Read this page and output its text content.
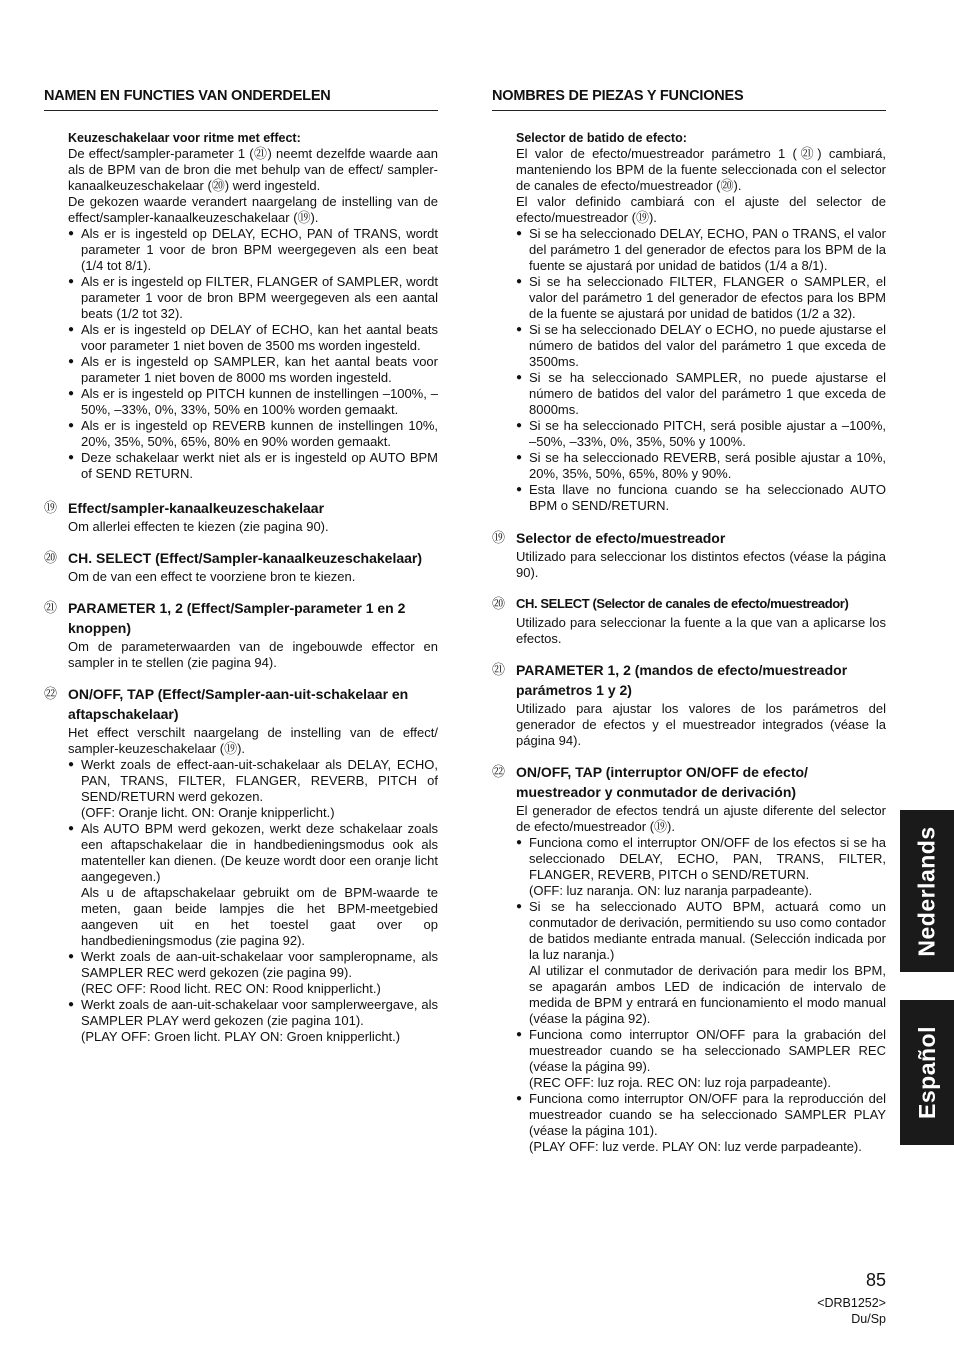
NAMEN EN FUNCTIES VAN ONDERDELEN
Keuzeschakelaar voor ritme met effect:

De effect/sampler-parameter 1 (㉑) neemt dezelfde waarde aan als de BPM van de bron die met behulp van de effect/ sampler-kanaalkeuzeschakelaar (⑳) werd ingesteld.

De gekozen waarde verandert naargelang de instelling van de effect/sampler-kanaalkeuzeschakelaar (⑲).

● Als er is ingesteld op DELAY, ECHO, PAN of TRANS, wordt parameter 1 voor de bron BPM weergegeven als een beat (1/4 tot 8/1).
● Als er is ingesteld op FILTER, FLANGER of SAMPLER, wordt parameter 1 voor de bron BPM weergegeven als een aantal beats (1/2 tot 32).
● Als er is ingesteld op DELAY of ECHO, kan het aantal beats voor parameter 1 niet boven de 3500 ms worden ingesteld.
● Als er is ingesteld op SAMPLER, kan het aantal beats voor parameter 1 niet boven de 8000 ms worden ingesteld.
● Als er is ingesteld op PITCH kunnen de instellingen –100%, –50%, –33%, 0%, 33%, 50% en 100% worden gemaakt.
● Als er is ingesteld op REVERB kunnen de instellingen 10%, 20%, 35%, 50%, 65%, 80% en 90% worden gemaakt.
● Deze schakelaar werkt niet als er is ingesteld op AUTO BPM of SEND RETURN.
⑲ Effect/sampler-kanaalkeuzeschakelaar

Om allerlei effecten te kiezen (zie pagina 90).

⑳ CH. SELECT (Effect/Sampler-kanaalkeuzeschakelaar)

Om de van een effect te voorziene bron te kiezen.

㉑ PARAMETER 1, 2 (Effect/Sampler-parameter 1 en 2 knoppen)

Om de parameterwaarden van de ingebouwde effector en sampler in te stellen (zie pagina 94).

㉒ ON/OFF, TAP (Effect/Sampler-aan-uit-schakelaar en aftapschakelaar)

Het effect verschilt naargelang de instelling van de effect/ sampler-keuzeschakelaar (⑲).

● Werkt zoals de effect-aan-uit-schakelaar als DELAY, ECHO, PAN, TRANS, FILTER, FLANGER, REVERB, PITCH of SEND/RETURN werd gekozen.
(OFF: Oranje licht. ON: Oranje knipperlicht.)
● Als AUTO BPM werd gekozen, werkt deze schakelaar zoals een aftapschakelaar die in handbedieningsmodus ook als matenteller kan dienen. (De keuze wordt door een oranje licht aangegeven.)
Als u de aftapschakelaar gebruikt om de BPM-waarde te meten, gaan beide lampjes die het BPM-meetgebied aangeven uit en het toestel gaat over op handbedieningsmodus (zie pagina 92).
● Werkt zoals de aan-uit-schakelaar voor sampleropname, als SAMPLER REC werd gekozen (zie pagina 99).
(REC OFF: Rood licht. REC ON: Rood knipperlicht.)
● Werkt zoals de aan-uit-schakelaar voor samplerweergave, als SAMPLER PLAY werd gekozen (zie pagina 101).
(PLAY OFF: Groen licht. PLAY ON: Groen knipperlicht.)
NOMBRES DE PIEZAS Y FUNCIONES
Selector de batido de efecto:

El valor de efecto/muestreador parámetro 1 (㉑) cambiará, manteniendo los BPM de la fuente seleccionada con el selector de canales de efecto/muestreador (⑳).

El valor definido cambiará con el ajuste del selector de efecto/muestreador (⑲).

● Si se ha seleccionado DELAY, ECHO, PAN o TRANS, el valor del parámetro 1 del generador de efectos para los BPM de la fuente se ajustará por unidad de batidos (1/4 a 8/1).
● Si se ha seleccionado FILTER, FLANGER o SAMPLER, el valor del parámetro 1 del generador de efectos para los BPM de la fuente se ajustará por unidad de batidos (1/2 a 32).
● Si se ha seleccionado DELAY o ECHO, no puede ajustarse el número de batidos del valor del parámetro 1 que exceda de 3500ms.
● Si se ha seleccionado SAMPLER, no puede ajustarse el número de batidos del valor del parámetro 1 que exceda de 8000ms.
● Si se ha seleccionado PITCH, será posible ajustar a –100%, –50%, –33%, 0%, 35%, 50% y 100%.
● Si se ha seleccionado REVERB, será posible ajustar a 10%, 20%, 35%, 50%, 65%, 80% y 90%.
● Esta llave no funciona cuando se ha seleccionado AUTO BPM o SEND/RETURN.
⑲ Selector de efecto/muestreador

Utilizado para seleccionar los distintos efectos (véase la página 90).

⑳ CH. SELECT (Selector de canales de efecto/muestreador)

Utilizado para seleccionar la fuente a la que van a aplicarse los efectos.

㉑ PARAMETER 1, 2 (mandos de efecto/muestreador parámetros 1 y 2)

Utilizado para ajustar los valores de los parámetros del generador de efectos y el muestreador integrados (véase la página 94).

㉒ ON/OFF, TAP (interruptor ON/OFF de efecto/ muestreador y conmutador de derivación)

El generador de efectos tendrá un ajuste diferente del selector de efecto/muestreador (⑲).

● Funciona como el interruptor ON/OFF de los efectos si se ha seleccionado DELAY, ECHO, PAN, TRANS, FILTER, FLANGER, REVERB, PITCH o SEND/RETURN.
(OFF: luz naranja. ON: luz naranja parpadeante).
● Si se ha seleccionado AUTO BPM, actuará como un conmutador de derivación, permitiendo su uso como contador de batidos mediante entrada manual. (Selección indicada por la luz naranja.)
Al utilizar el conmutador de derivación para medir los BPM, se apagarán ambos LED de indicación de intervalo de medida de BPM y entrará en funcionamiento el modo manual (véase la página 92).
● Funciona como interruptor ON/OFF para la grabación del muestreador cuando se ha seleccionado SAMPLER REC (véase la página 99).
(REC OFF: luz roja. REC ON: luz roja parpadeante).
● Funciona como interruptor ON/OFF para la reproducción del muestreador cuando se ha seleccionado SAMPLER PLAY (véase la página 101).
(PLAY OFF: luz verde. PLAY ON: luz verde parpadeante).
Nederlands
Español
85
<DRB1252>
Du/Sp
